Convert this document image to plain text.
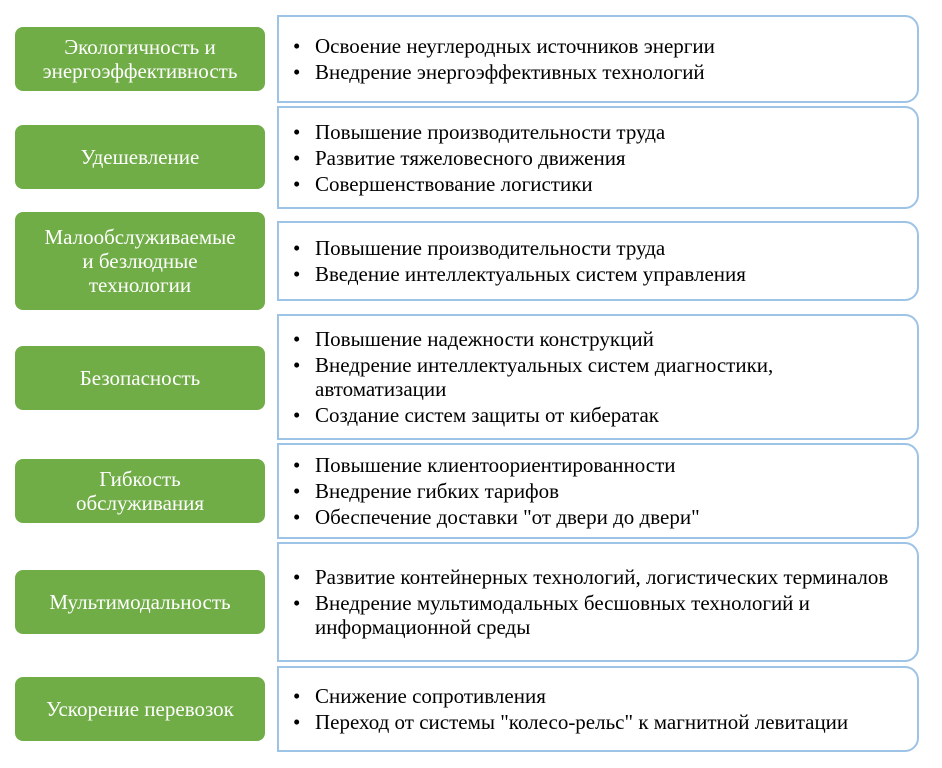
Экологичность и
энергоэффективность
• Освоение неуглеродных источников энергии
• Внедрение энергоэффективных технологий
Удешевление
• Повышение производительности труда
• Развитие тяжеловесного движения
• Совершенствование логистики
Малообслуживаемые
и безлюдные
технологии
• Повышение производительности труда
• Введение интеллектуальных систем управления
Безопасность
• Повышение надежности конструкций
• Внедрение интеллектуальных систем диагностики, автоматизации
• Создание систем защиты от кибератак
Гибкость
обслуживания
• Повышение клиентоориентированности
• Внедрение гибких тарифов
• Обеспечение доставки "от двери до двери"
Мультимодальность
• Развитие контейнерных технологий, логистических терминалов
• Внедрение мультимодальных бесшовных технологий и информационной среды
Ускорение перевозок
• Снижение сопротивления
• Переход от системы "колесо-рельс" к магнитной левитации
